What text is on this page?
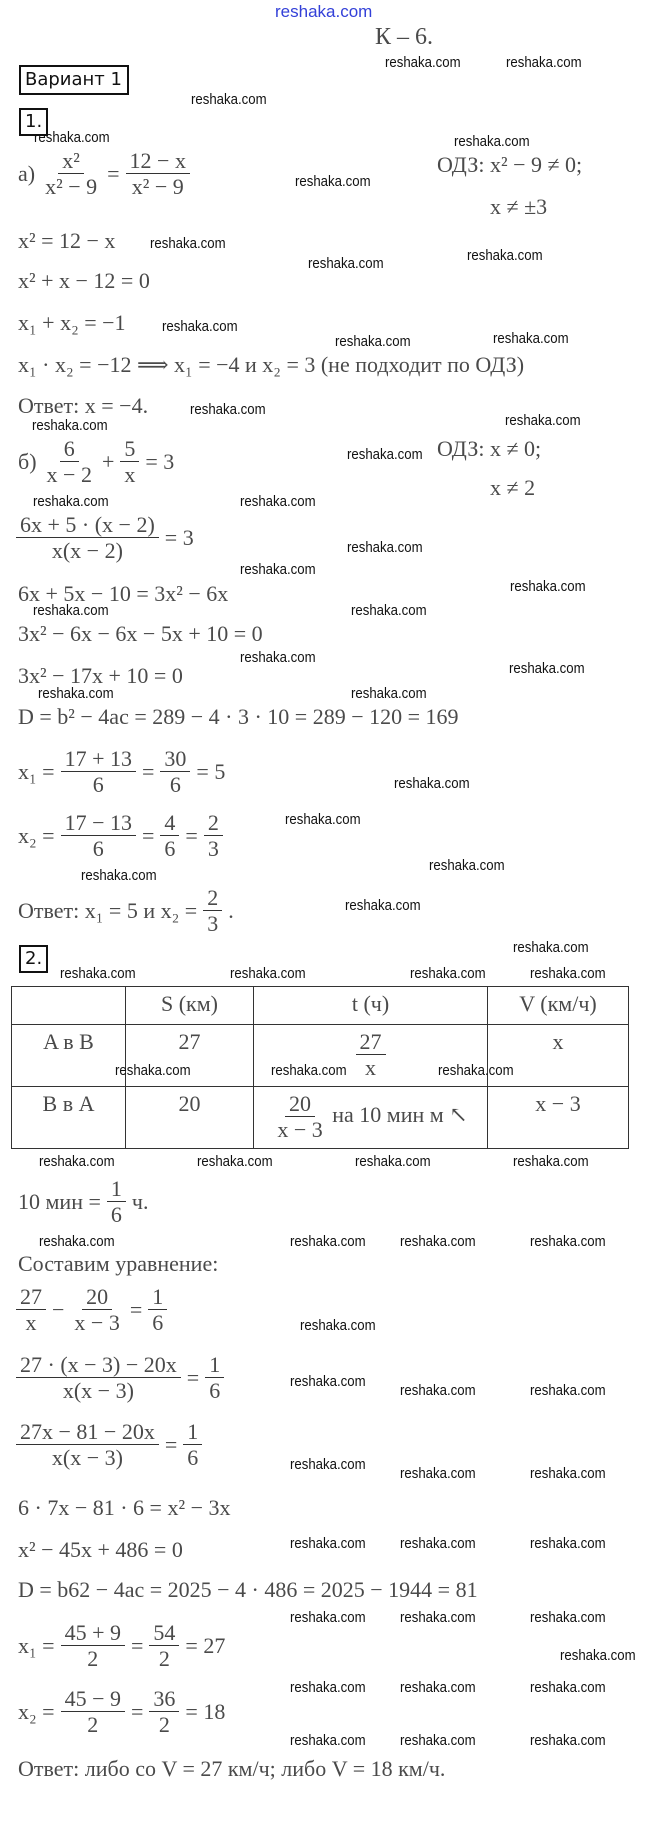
reshaka.com
К – 6.
Вариант 1
1.
$а) \frac{\text{x²}}{\text{x² − 9}} = \frac{12 - x}{\text{x² − 9}}$	ОДЗ: x² − 9 ≠ 0;
x ≠ ±3
x² = 12 − x
x² + x − 12 = 0
x₁ + x₂ = −1
x₁ · x₂ = −12 ⟹ x₁ = −4 и x₂ = 3 (не подходит по ОДЗ)
Ответ: x = −4.
$б) \frac{6}{x - 2} + \frac{5}{x} = 3$
ОДЗ: x ≠ 0;
x ≠ 2
$\frac{6x + 5 \cdot (x - 2)}{x(x - 2)} = 3$
6x + 5x − 10 = 3x² − 6x
3x² − 6x − 6x − 5x + 10 = 0
3x² − 17x + 10 = 0
D = b² − 4ac = 289 − 4 · 3 · 10 = 289 − 120 = 169
$x_1 = \frac{17 + 13}{6} = \frac{30}{6} = 5$
$x_2 = \frac{17 - 13}{6} = \frac{4}{6} = \frac{2}{3}$
Ответ: x₁ = 5 и $x_2 = \frac{2}{3}$ .
2.
	S (км)	t (ч)	V (км/ч)
A в B	27	$\frac{27}{x}$	x
B в A	20	$\frac{20}{x - 3}$ на 10 мин м ↖	x − 3
10 мин = $\frac{1}{6} ч$.
Составим уравнение:
$\frac{27}{x} - \frac{20}{x - 3} = \frac{1}{6}$
$\frac{27 \cdot (x - 3) - 20x}{x(x - 3)} = \frac{1}{6}$
$\frac{27x - 81 - 20x}{x(x - 3)} = \frac{1}{6}$
6 · 7x − 81 · 6 = x² − 3x
x² − 45x + 486 = 0
D = b62 − 4ac = 2025 − 4 · 486 = 2025 − 1944 = 81
$x_1 = \frac{45 + 9}{2} = \frac{54}{2} = 27$
$x_2 = \frac{45 - 9}{2} = \frac{36}{2} = 18$
Ответ: либо со V = 27 км/ч; либо V = 18 км/ч.
reshaka.com	reshaka.com
reshaka.com
reshaka.com	reshaka.com
reshaka.com
reshaka.com
reshaka.com
reshaka.com
reshaka.com
reshaka.com
reshaka.com
reshaka.com
reshaka.com	reshaka.com
reshaka.com
reshaka.com	reshaka.com
reshaka.com
reshaka.com
reshaka.com
reshaka.com	reshaka.com
reshaka.com
reshaka.com
reshaka.com	reshaka.com
reshaka.com
reshaka.com
reshaka.com
reshaka.com
reshaka.com
reshaka.com
reshaka.com	reshaka.com	reshaka.com	reshaka.com
reshaka.com	reshaka.com	reshaka.com
reshaka.com	reshaka.com	reshaka.com	reshaka.com
reshaka.com	reshaka.com reshaka.com	reshaka.com
reshaka.com
reshaka.com
reshaka.com	reshaka.com
reshaka.com
reshaka.com	reshaka.com
reshaka.com reshaka.com	reshaka.com
reshaka.com reshaka.com	reshaka.com
reshaka.com
reshaka.com reshaka.com	reshaka.com
reshaka.com reshaka.com	reshaka.com
